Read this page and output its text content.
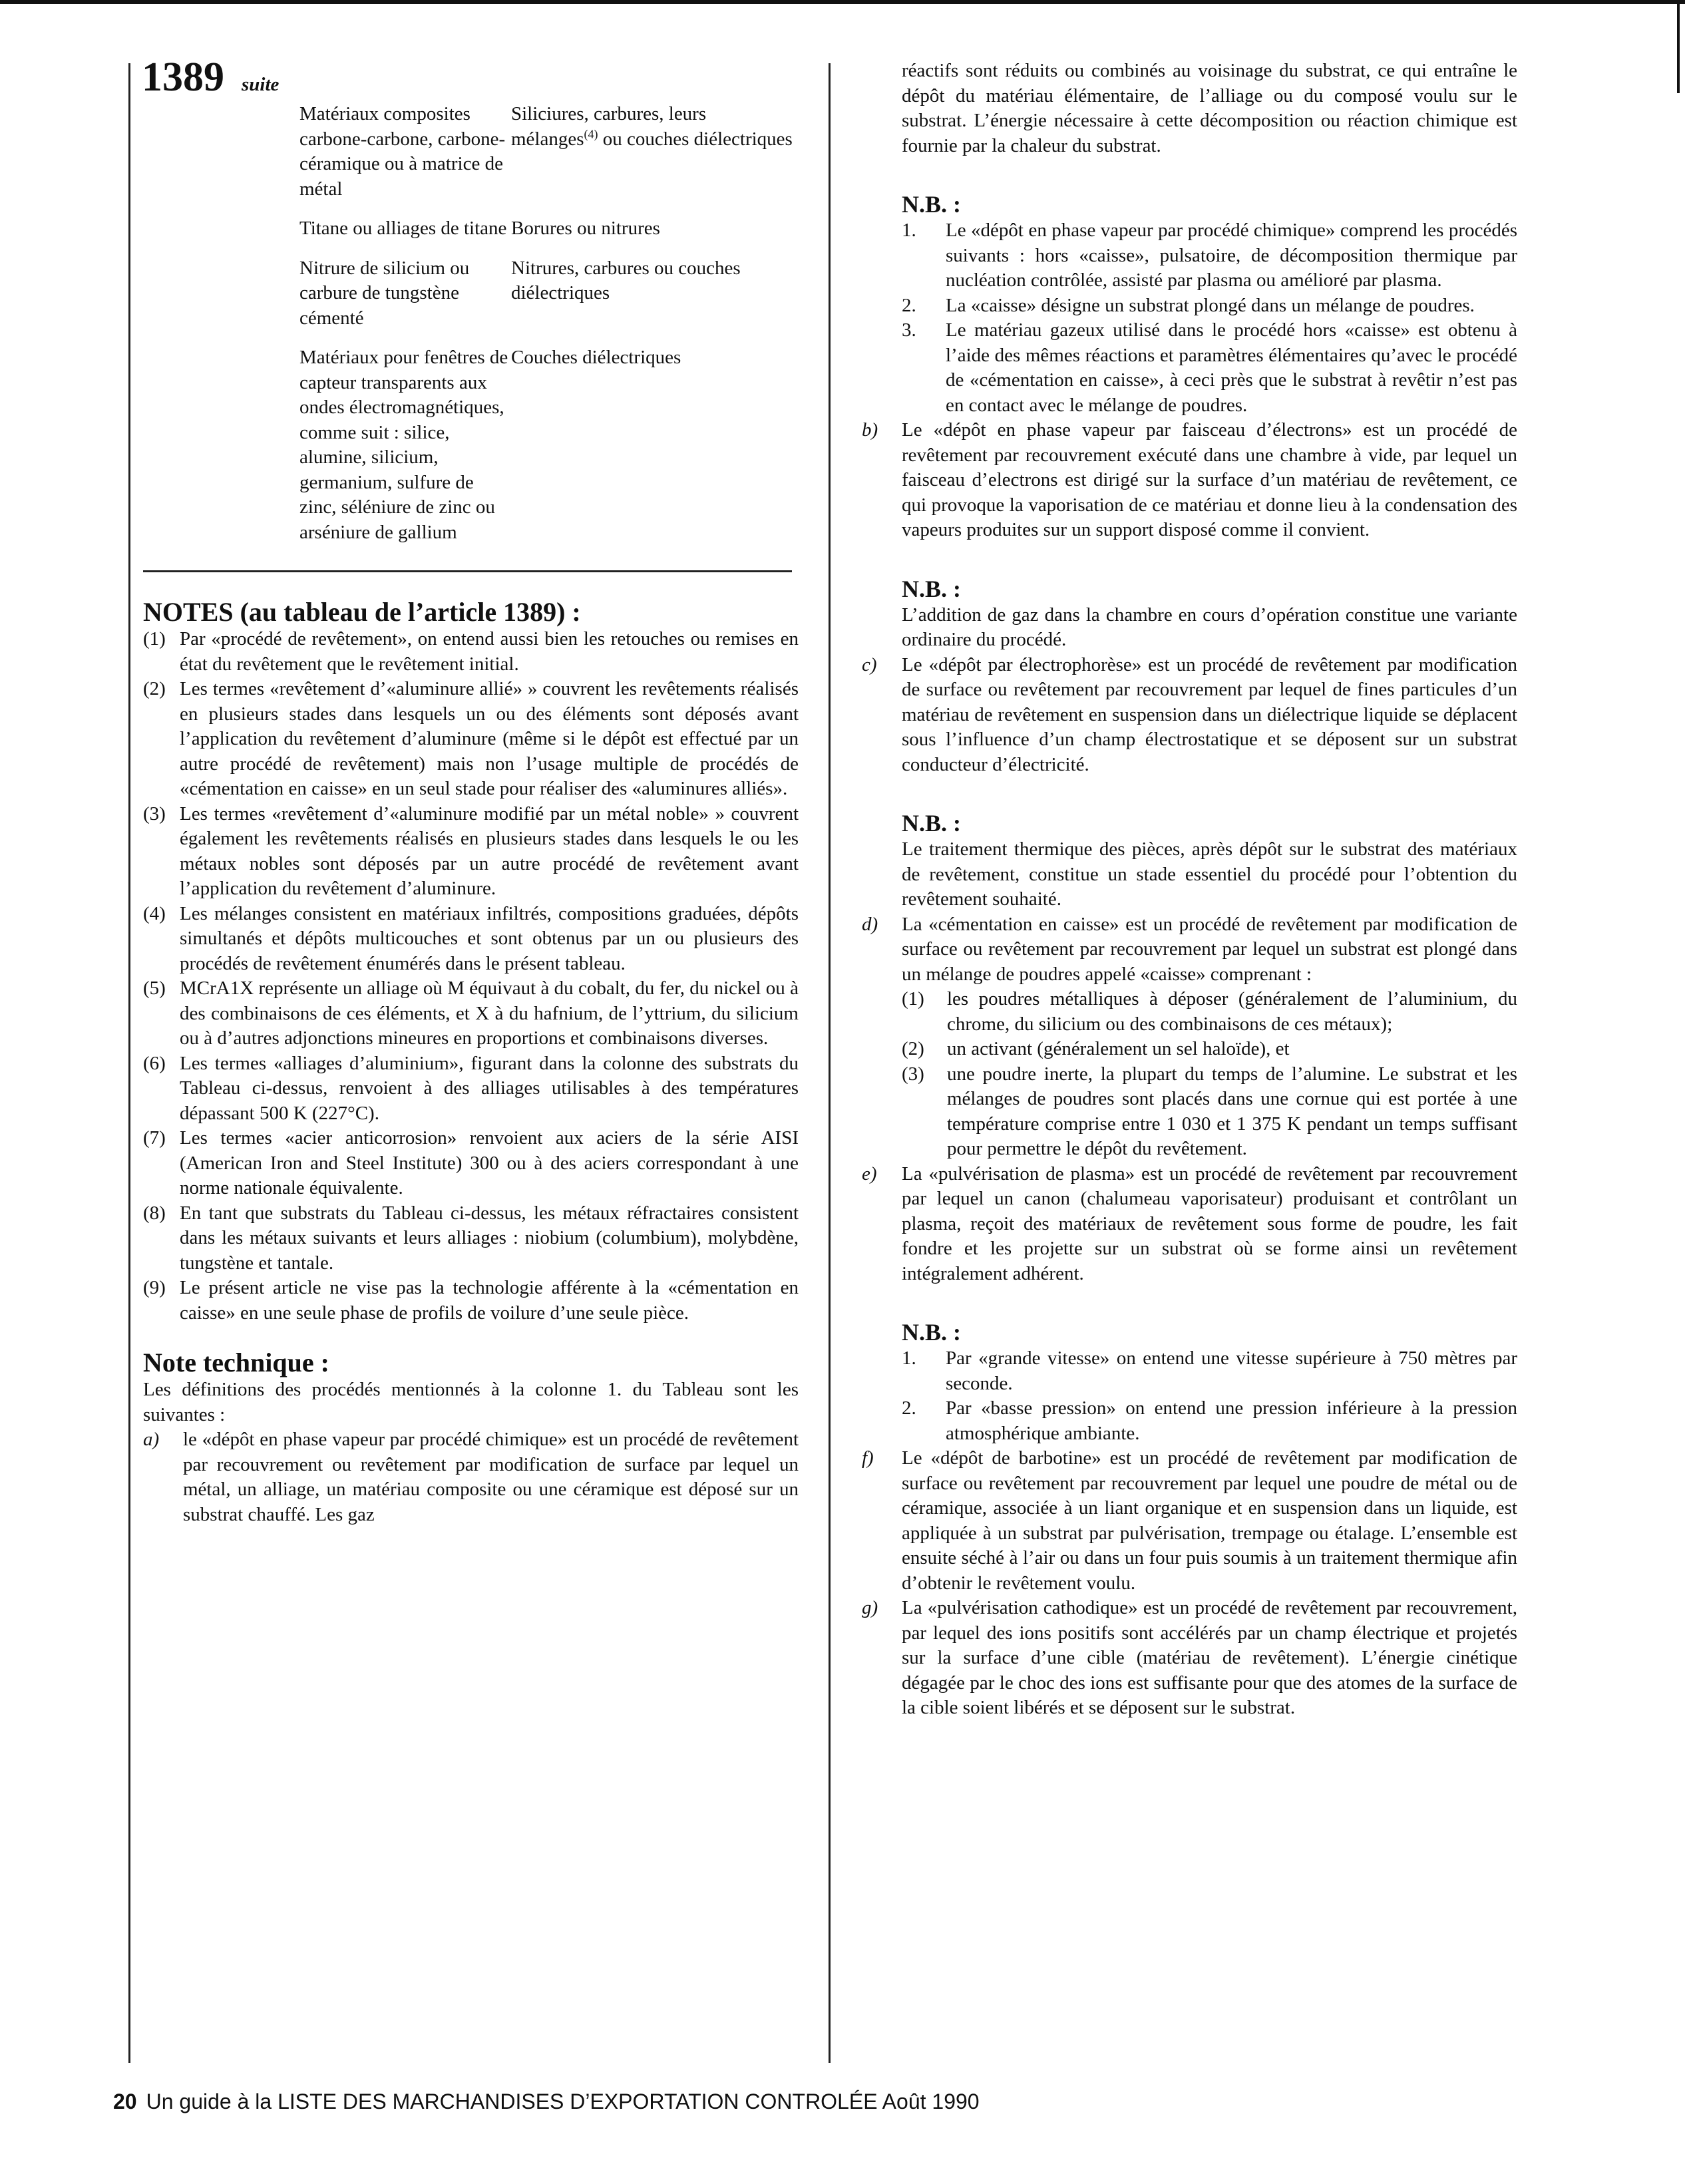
1389 suite
Matériaux composites carbone-carbone, carbone-céramique ou à matrice de métal	Siliciures, carbures, leurs mélanges$^{(4)}$ ou couches diélectriques
Titane ou alliages de titane	Borures ou nitrures
Nitrure de silicium ou carbure de tungstène cémenté	Nitrures, carbures ou couches diélectriques
Matériaux pour fenêtres de capteur transparents aux ondes électromagnétiques, comme suit : silice, alumine, silicium, germanium, sulfure de zinc, séléniure de zinc ou arséniure de gallium	Couches diélectriques
NOTES (au tableau de l’article 1389) :
(1) Par «procédé de revêtement», on entend aussi bien les retouches ou remises en état du revêtement que le revêtement initial.
(2) Les termes «revêtement d’«aluminure allié» » couvrent les revêtements réalisés en plusieurs stades dans lesquels un ou des éléments sont déposés avant l’application du revêtement d’aluminure (même si le dépôt est effectué par un autre procédé de revêtement) mais non l’usage multiple de procédés de «cémentation en caisse» en un seul stade pour réaliser des «aluminures alliés».
(3) Les termes «revêtement d’«aluminure modifié par un métal noble» » couvrent également les revêtements réalisés en plusieurs stades dans lesquels le ou les métaux nobles sont déposés par un autre procédé de revêtement avant l’application du revêtement d’aluminure.
(4) Les mélanges consistent en matériaux infiltrés, compositions graduées, dépôts simultanés et dépôts multicouches et sont obtenus par un ou plusieurs des procédés de revêtement énumérés dans le présent tableau.
(5) MCrA1X représente un alliage où M équivaut à du cobalt, du fer, du nickel ou à des combinaisons de ces éléments, et X à du hafnium, de l’yttrium, du silicium ou à d’autres adjonctions mineures en proportions et combinaisons diverses.
(6) Les termes «alliages d’aluminium», figurant dans la colonne des substrats du Tableau ci-dessus, renvoient à des alliages utilisables à des températures dépassant 500 K (227°C).
(7) Les termes «acier anticorrosion» renvoient aux aciers de la série AISI (American Iron and Steel Institute) 300 ou à des aciers correspondant à une norme nationale équivalente.
(8) En tant que substrats du Tableau ci-dessus, les métaux réfractaires consistent dans les métaux suivants et leurs alliages : niobium (columbium), molybdène, tungstène et tantale.
(9) Le présent article ne vise pas la technologie afférente à la «cémentation en caisse» en une seule phase de profils de voilure d’une seule pièce.
Note technique :

Les définitions des procédés mentionnés à la colonne 1. du Tableau sont les suivantes :

a)	le «dépôt en phase vapeur par procédé chimique» est un procédé de revêtement par recouvrement ou revêtement par modification de surface par lequel un métal, un alliage, un matériau composite ou une céramique est déposé sur un substrat chauffé. Les gaz

réactifs sont réduits ou combinés au voisinage du substrat, ce qui entraîne le dépôt du matériau élémentaire, de l’alliage ou du composé voulu sur le substrat. L’énergie nécessaire à cette décomposition ou réaction chimique est fournie par la chaleur du substrat.

N.B. :
1.	Le «dépôt en phase vapeur par procédé chimique» comprend les procédés suivants : hors «caisse», pulsatoire, de décomposition thermique par nucléation contrôlée, assisté par plasma ou amélioré par plasma.
2.	La «caisse» désigne un substrat plongé dans un mélange de poudres.
3.	Le matériau gazeux utilisé dans le procédé hors «caisse» est obtenu à l’aide des mêmes réactions et paramètres élémentaires qu’avec le procédé de «cémentation en caisse», à ceci près que le substrat à revêtir n’est pas en contact avec le mélange de poudres.
b)	Le «dépôt en phase vapeur par faisceau d’électrons» est un procédé de revêtement par recouvrement exécuté dans une chambre à vide, par lequel un faisceau d’electrons est dirigé sur la surface d’un matériau de revêtement, ce qui provoque la vaporisation de ce matériau et donne lieu à la condensation des vapeurs produites sur un support disposé comme il convient.
N.B. :

L’addition de gaz dans la chambre en cours d’opération constitue une variante ordinaire du procédé.

c)	Le «dépôt par électrophorèse» est un procédé de revêtement par modification de surface ou revêtement par recouvrement par lequel de fines particules d’un matériau de revêtement en suspension dans un diélectrique liquide se déplacent sous l’influence d’un champ électrostatique et se déposent sur un substrat conducteur d’électricité.
N.B. :

Le traitement thermique des pièces, après dépôt sur le substrat des matériaux de revêtement, constitue un stade essentiel du procédé pour l’obtention du revêtement souhaité.

d)	La «cémentation en caisse» est un procédé de revêtement par modification de surface ou revêtement par recouvrement par lequel un substrat est plongé dans un mélange de poudres appelé «caisse» comprenant :
(1)	les poudres métalliques à déposer (généralement de l’aluminium, du chrome, du silicium ou des combinaisons de ces métaux);
(2)	un activant (généralement un sel haloïde), et
(3)	une poudre inerte, la plupart du temps de l’alumine. Le substrat et les mélanges de poudres sont placés dans une cornue qui est portée à une température comprise entre 1 030 et 1 375 K pendant un temps suffisant pour permettre le dépôt du revêtement.
e)	La «pulvérisation de plasma» est un procédé de revêtement par recouvrement par lequel un canon (chalumeau vaporisateur) produisant et contrôlant un plasma, reçoit des matériaux de revêtement sous forme de poudre, les fait fondre et les projette sur un substrat où se forme ainsi un revêtement intégralement adhérent.
N.B. :
1.	Par «grande vitesse» on entend une vitesse supérieure à 750 mètres par seconde.
2.	Par «basse pression» on entend une pression inférieure à la pression atmosphérique ambiante.
f)	Le «dépôt de barbotine» est un procédé de revêtement par modification de surface ou revêtement par recouvrement par lequel une poudre de métal ou de céramique, associée à un liant organique et en suspension dans un liquide, est appliquée à un substrat par pulvérisation, trempage ou étalage. L’ensemble est ensuite séché à l’air ou dans un four puis soumis à un traitement thermique afin d’obtenir le revêtement voulu.
g)	La «pulvérisation cathodique» est un procédé de revêtement par recouvrement, par lequel des ions positifs sont accélérés par un champ électrique et projetés sur la surface d’une cible (matériau de revêtement). L’énergie cinétique dégagée par le choc des ions est suffisante pour que des atomes de la surface de la cible soient libérés et se déposent sur le substrat.
20 Un guide à la LISTE DES MARCHANDISES D’EXPORTATION CONTROLÉE Août 1990
